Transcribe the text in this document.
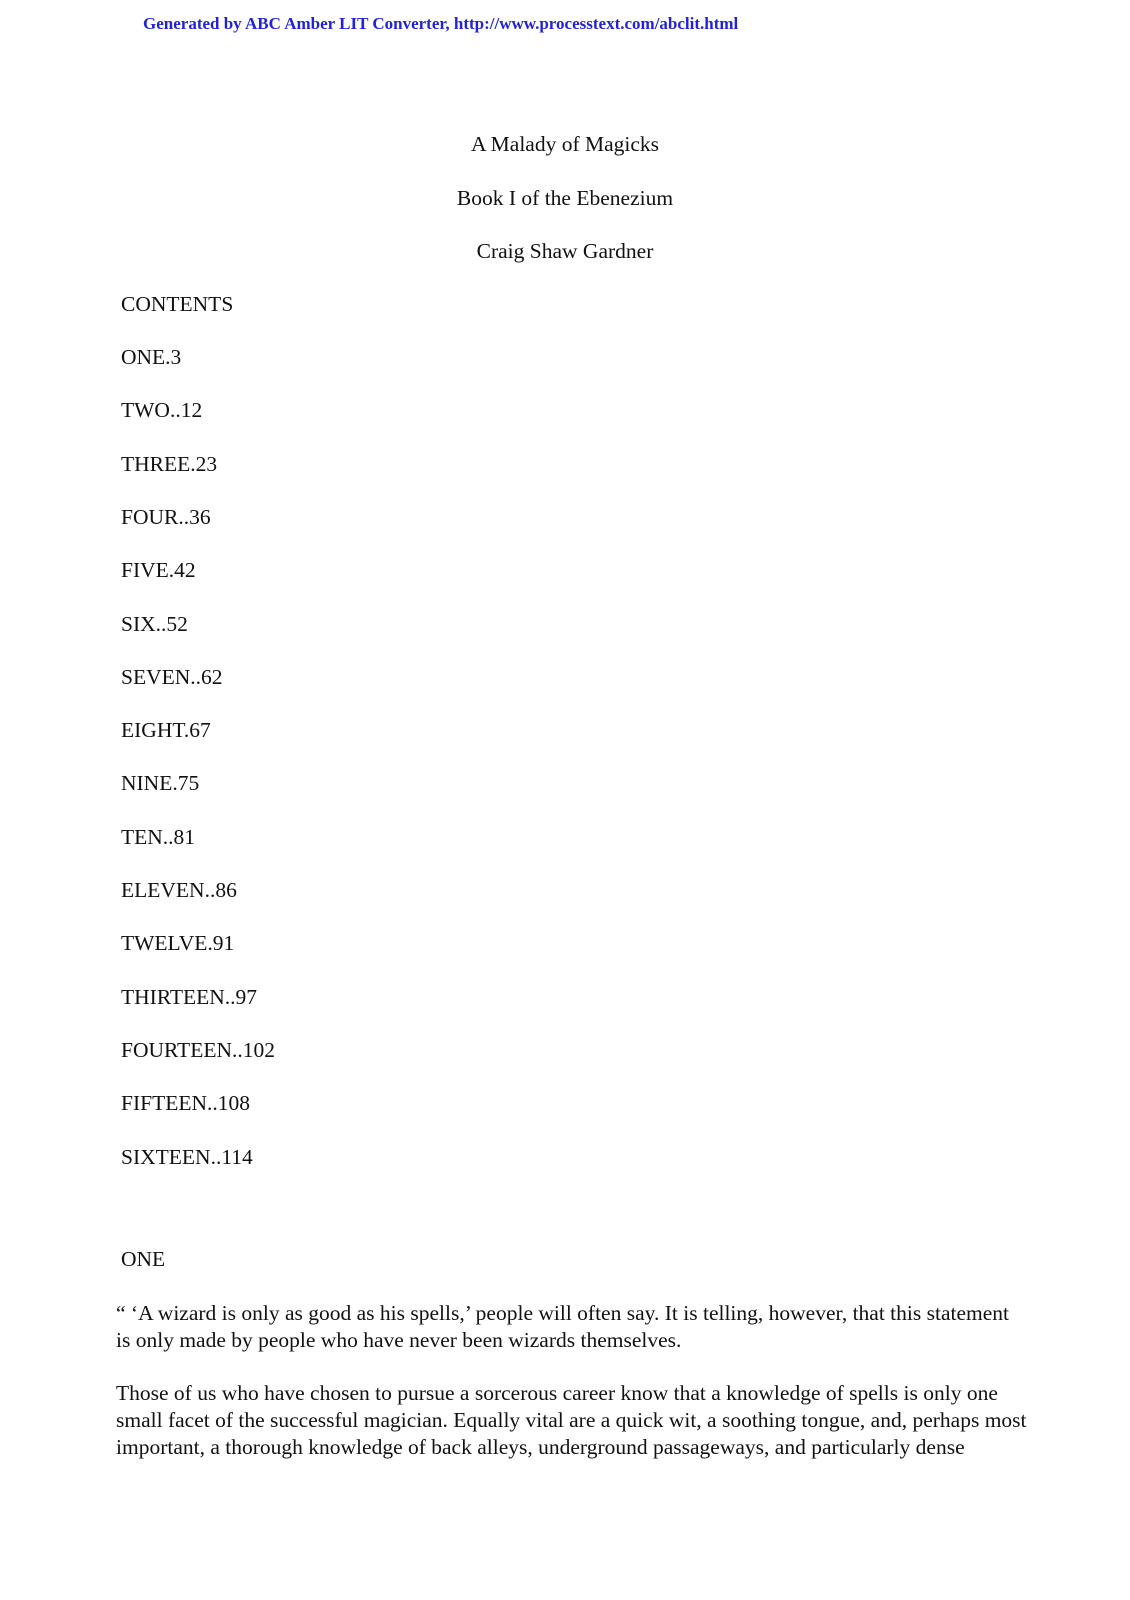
Generated by ABC Amber LIT Converter, http://www.processtext.com/abclit.html
A Malady of Magicks
Book I of the Ebenezium
Craig Shaw Gardner
CONTENTS
ONE.3
TWO..12
THREE.23
FOUR..36
FIVE.42
SIX..52
SEVEN..62
EIGHT.67
NINE.75
TEN..81
ELEVEN..86
TWELVE.91
THIRTEEN..97
FOURTEEN..102
FIFTEEN..108
SIXTEEN..114
ONE
“ ‘A wizard is only as good as his spells,’ people will often say. It is telling, however, that this statement
is only made by people who have never been wizards themselves.
Those of us who have chosen to pursue a sorcerous career know that a knowledge of spells is only one
small facet of the successful magician. Equally vital are a quick wit, a soothing tongue, and, perhaps most
important, a thorough knowledge of back alleys, underground passageways, and particularly dense
